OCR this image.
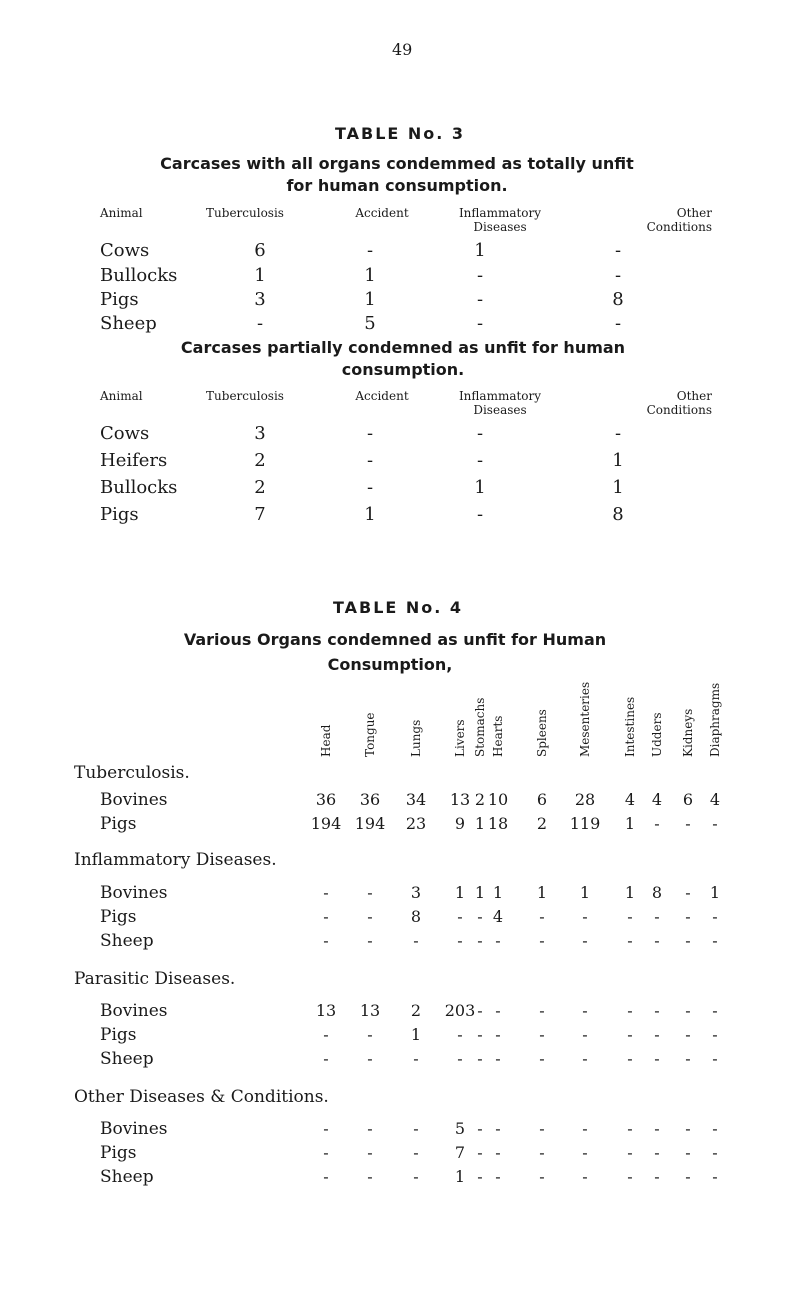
49
TABLE No. 3
Carcases with all organs condemmed as totally unfit
for human consumption.
Animal	Tuberculosis	Accident	Inflammatory
Diseases
Other
Conditions
Cows	6	-	1	-
Bullocks	1	1	-	-
Pigs	3	1	-	8
Sheep	-	5	-	-
Carcases partially condemned as unfit for human
consumption.
Animal	Tuberculosis	Accident	Inflammatory
Diseases
Other
Conditions
Cows	3	-	-	-
Heifers	2	-	-	1
Bullocks	2	-	1	1
Pigs	7	1	-	8
TABLE No. 4
Various Organs condemned as unfit for Human
Consumption,
Head	Tongue	Lungs	Livers Stomachs Hearts	Spleens Mesenteries	Intestines Udders Kidneys Diaphragms
Tuberculosis.
Bovines	36 36 34 13 2 10 6 28 4 4 6 4
Pigs	194 194 23 9 1 18 2 119 1 - - -
Inflammatory Diseases.
Bovines	- - 3 1 1 1 1 1 1 8 - 1
Pigs	- - 8 - - 4 - - - - - -
Sheep	- -	- - - - - - - - - -
Parasitic Diseases.
Bovines	13 13 2 203 - - - - - - - -
Pigs	- - 1 - - - - - - - - -
Sheep	- -	- - - - - - - - - -
Other Diseases & Conditions.
Bovines	- -	- 5 - - - - - - - -
Pigs	- -	- 7 - - - - - - - -
Sheep	- -	- 1 - - - - - - - -
